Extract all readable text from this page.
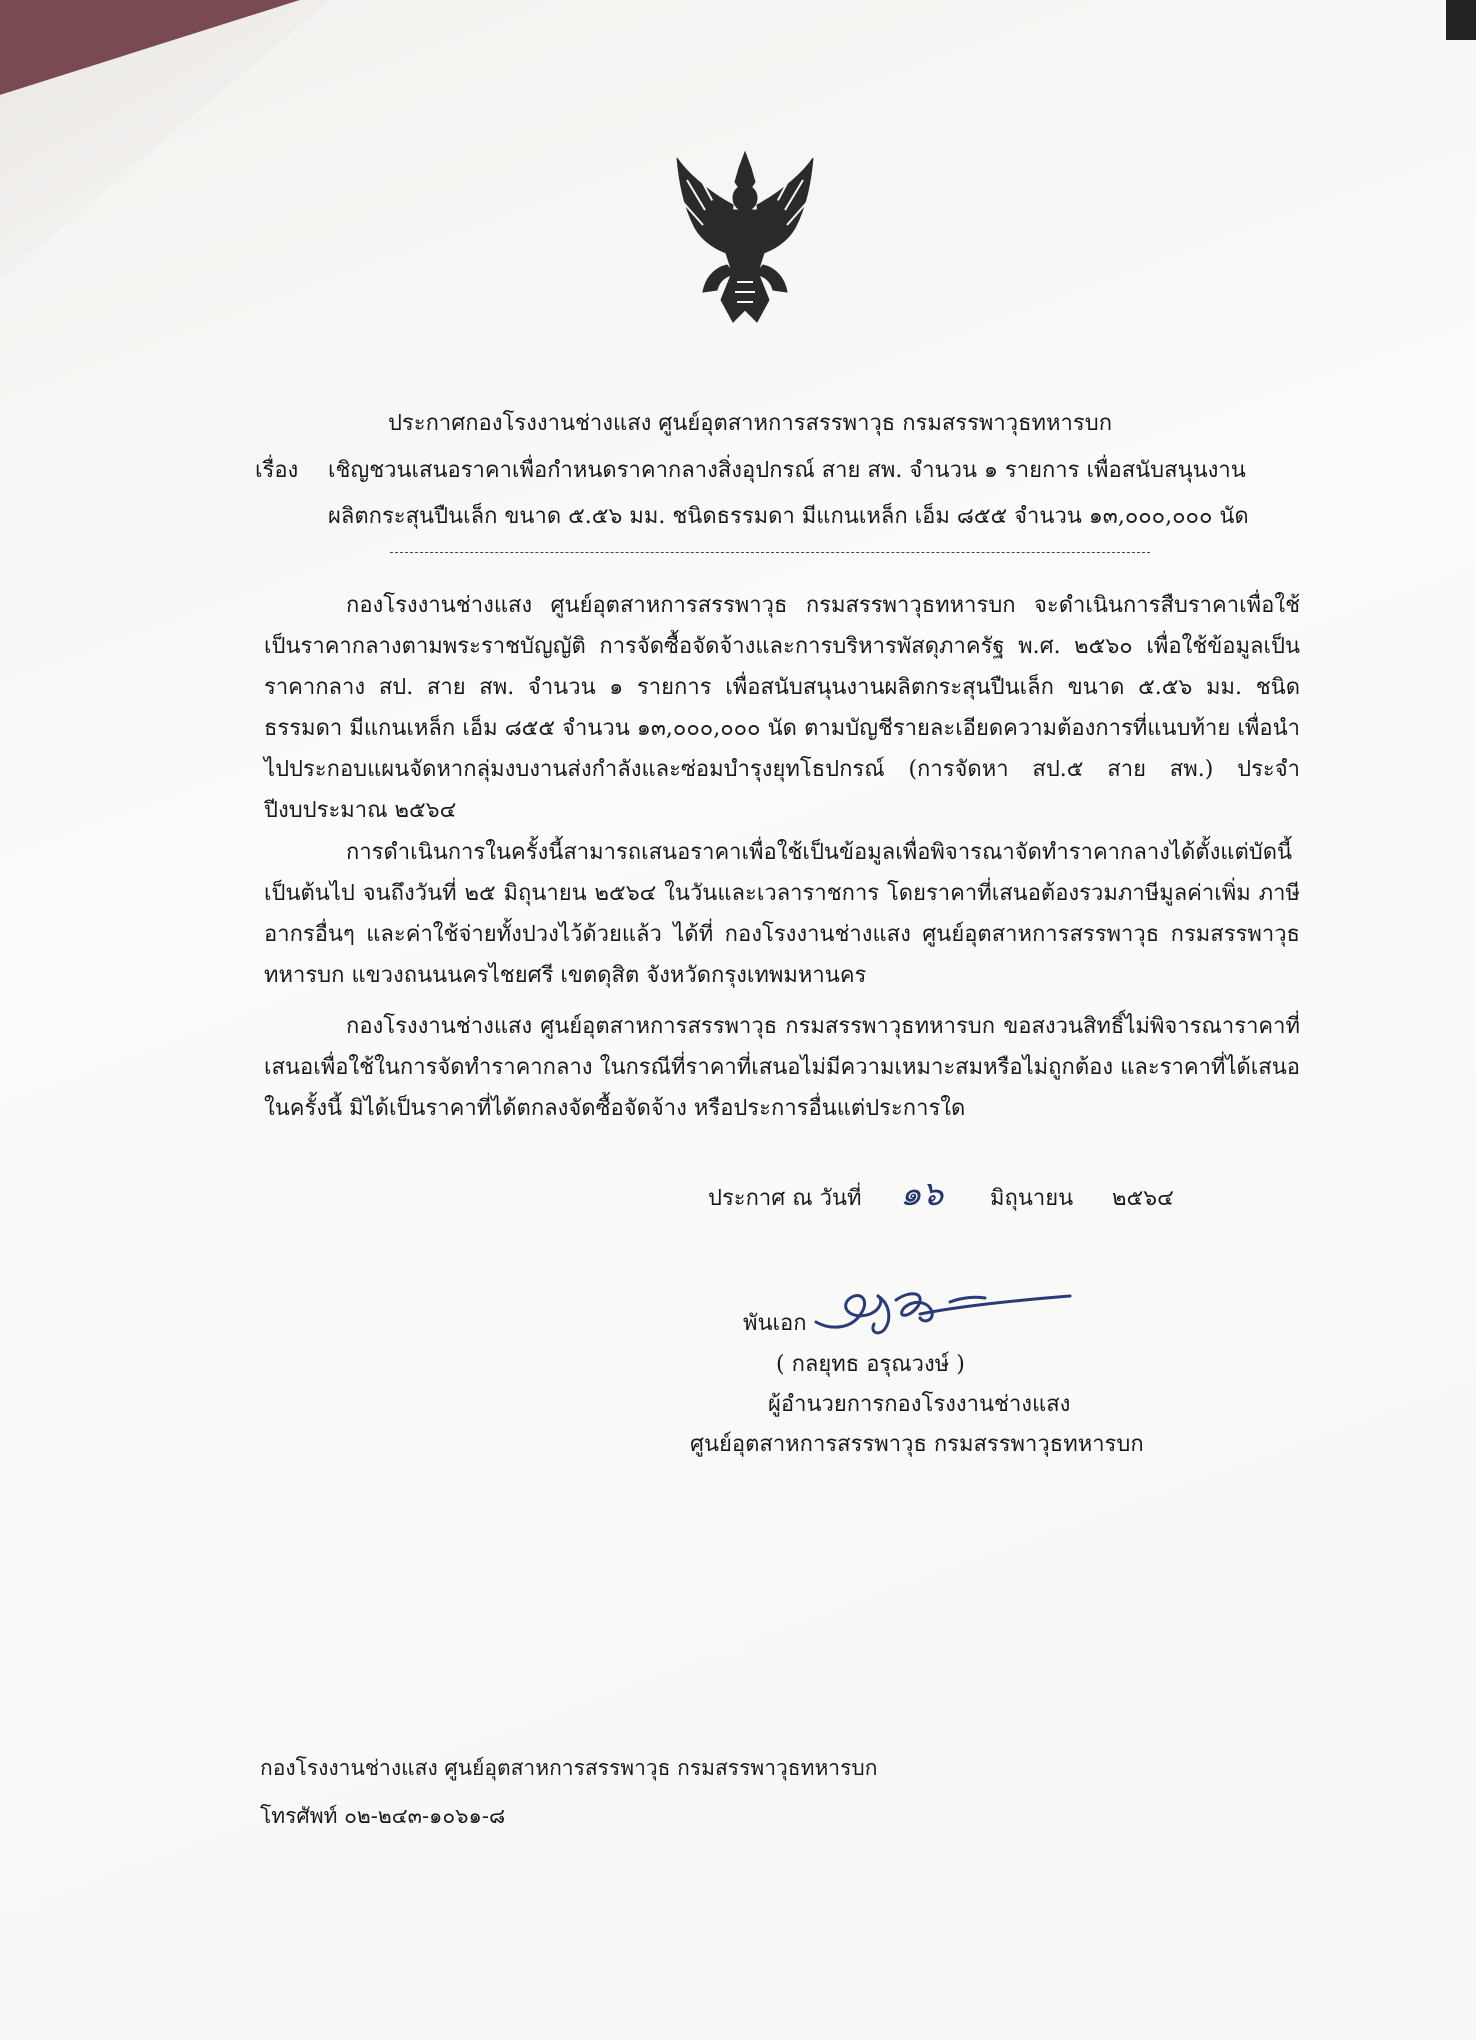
ประกาศกองโรงงานช่างแสง ศูนย์อุตสาหการสรรพาวุธ กรมสรรพาวุธทหารบก
เรื่อง เชิญชวนเสนอราคาเพื่อกำหนดราคากลางสิ่งอุปกรณ์ สาย สพ. จำนวน ๑ รายการ เพื่อสนับสนุนงาน
ผลิตกระสุนปืนเล็ก ขนาด ๕.๕๖ มม. ชนิดธรรมดา มีแกนเหล็ก เอ็ม ๘๕๕ จำนวน ๑๓,๐๐๐,๐๐๐ นัด
กองโรงงานช่างแสง ศูนย์อุตสาหการสรรพาวุธ กรมสรรพาวุธทหารบก จะดำเนินการสืบราคาเพื่อใช้เป็นราคากลางตามพระราชบัญญัติ การจัดซื้อจัดจ้างและการบริหารพัสดุภาครัฐ พ.ศ. ๒๕๖๐ เพื่อใช้ข้อมูลเป็นราคากลาง สป. สาย สพ. จำนวน ๑ รายการ เพื่อสนับสนุนงานผลิตกระสุนปืนเล็ก ขนาด ๕.๕๖ มม. ชนิดธรรมดา มีแกนเหล็ก เอ็ม ๘๕๕ จำนวน ๑๓,๐๐๐,๐๐๐ นัด ตามบัญชีรายละเอียดความต้องการที่แนบท้าย เพื่อนำไปประกอบแผนจัดหากลุ่มงบงานส่งกำลังและซ่อมบำรุงยุทโธปกรณ์ (การจัดหา สป.๕ สาย สพ.) ประจำปีงบประมาณ ๒๕๖๔
การดำเนินการในครั้งนี้สามารถเสนอราคาเพื่อใช้เป็นข้อมูลเพื่อพิจารณาจัดทำราคากลางได้ตั้งแต่บัดนี้เป็นต้นไป จนถึงวันที่ ๒๕ มิถุนายน ๒๕๖๔ ในวันและเวลาราชการ โดยราคาที่เสนอต้องรวมภาษีมูลค่าเพิ่ม ภาษีอากรอื่นๆ และค่าใช้จ่ายทั้งปวงไว้ด้วยแล้ว ได้ที่ กองโรงงานช่างแสง ศูนย์อุตสาหการสรรพาวุธ กรมสรรพาวุธทหารบก แขวงถนนนครไชยศรี เขตดุสิต จังหวัดกรุงเทพมหานคร
กองโรงงานช่างแสง ศูนย์อุตสาหการสรรพาวุธ กรมสรรพาวุธทหารบก ขอสงวนสิทธิ์ไม่พิจารณาราคาที่เสนอเพื่อใช้ในการจัดทำราคากลาง ในกรณีที่ราคาที่เสนอไม่มีความเหมาะสมหรือไม่ถูกต้อง และราคาที่ได้เสนอในครั้งนี้ มิได้เป็นราคาที่ได้ตกลงจัดซื้อจัดจ้าง หรือประการอื่นแต่ประการใด
ประกาศ ณ วันที่ ๑๖ มิถุนายน ๒๕๖๔
พันเอก
( กลยุทธ อรุณวงษ์ )
ผู้อำนวยการกองโรงงานช่างแสง
ศูนย์อุตสาหการสรรพาวุธ กรมสรรพาวุธทหารบก
กองโรงงานช่างแสง ศูนย์อุตสาหการสรรพาวุธ กรมสรรพาวุธทหารบก
โทรศัพท์ ๐๒-๒๔๓-๑๐๖๑-๘
